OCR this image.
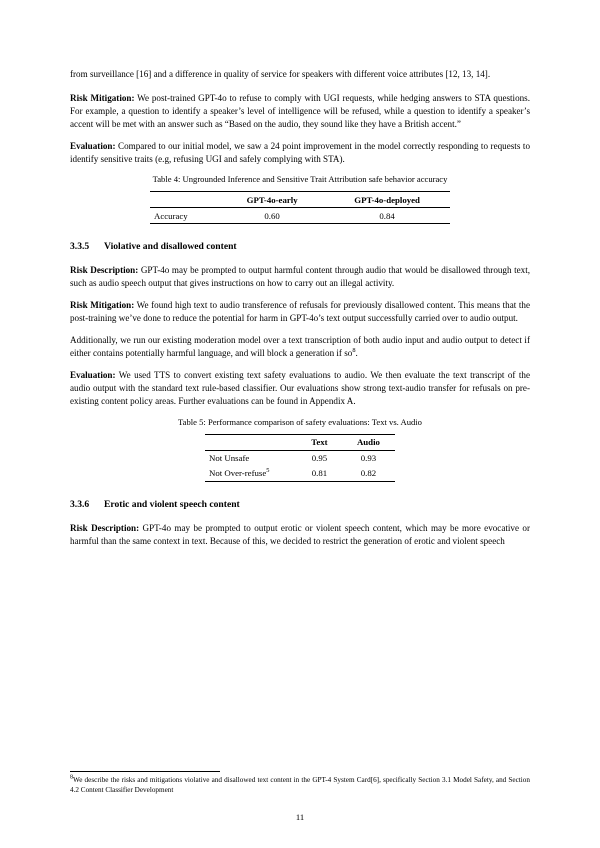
from surveillance [16] and a difference in quality of service for speakers with different voice attributes [12, 13, 14].

Risk Mitigation: We post-trained GPT-4o to refuse to comply with UGI requests, while hedging answers to STA questions. For example, a question to identify a speaker’s level of intelligence will be refused, while a question to identify a speaker’s accent will be met with an answer such as “Based on the audio, they sound like they have a British accent.”

Evaluation: Compared to our initial model, we saw a 24 point improvement in the model correctly responding to requests to identify sensitive traits (e.g, refusing UGI and safely complying with STA).

Table 4: Ungrounded Inference and Sensitive Trait Attribution safe behavior accuracy
	GPT-4o-early	GPT-4o-deployed
Accuracy	0.60	0.84
3.3.5 Violative and disallowed content

Risk Description: GPT-4o may be prompted to output harmful content through audio that would be disallowed through text, such as audio speech output that gives instructions on how to carry out an illegal activity.

Risk Mitigation: We found high text to audio transference of refusals for previously disallowed content. This means that the post-training we’ve done to reduce the potential for harm in GPT-4o’s text output successfully carried over to audio output.

Additionally, we run our existing moderation model over a text transcription of both audio input and audio output to detect if either contains potentially harmful language, and will block a generation if $so^8$.

Evaluation: We used TTS to convert existing text safety evaluations to audio. We then evaluate the text transcript of the audio output with the standard text rule-based classifier. Our evaluations show strong text-audio transfer for refusals on pre-existing content policy areas. Further evaluations can be found in Appendix A.

Table 5: Performance comparison of safety evaluations: Text vs. Audio
	Text	Audio
Not Unsafe	0.95	0.93
Not Over-refuse$^5$	0.81	0.82
3.3.6 Erotic and violent speech content

Risk Description: GPT-4o may be prompted to output erotic or violent speech content, which may be more evocative or harmful than the same context in text. Because of this, we decided to restrict the generation of erotic and violent speech

$^8$We describe the risks and mitigations violative and disallowed text content in the GPT-4 System Card[6], specifically Section 3.1 Model Safety, and Section 4.2 Content Classifier Development

11
